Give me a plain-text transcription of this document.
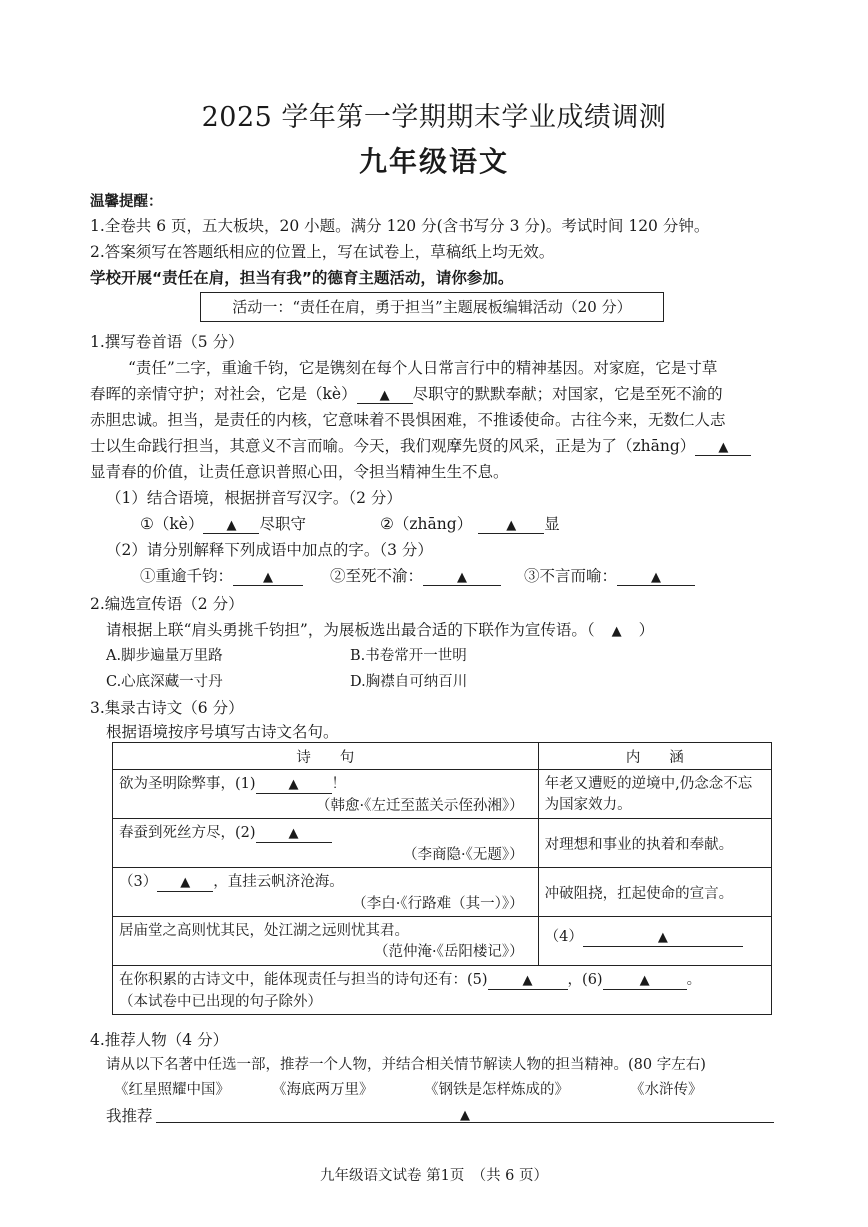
2025 学年第一学期期末学业成绩调测
九年级语文
温馨提醒：
1.全卷共 6 页，五大板块，20 小题。满分 120 分(含书写分 3 分)。考试时间 120 分钟。
2.答案须写在答题纸相应的位置上，写在试卷上，草稿纸上均无效。
学校开展“责任在肩，担当有我”的德育主题活动，请你参加。
活动一：“责任在肩，勇于担当”主题展板编辑活动（20 分）
1.撰写卷首语（5 分）
“责任”二字，重逾千钧，它是镌刻在每个人日常言行中的精神基因。对家庭，它是寸草
春晖的亲情守护；对社会，它是（kè） ▲ 尽职守的默默奉献；对国家，它是至死不渝的
赤胆忠诚。担当，是责任的内核，它意味着不畏惧困难，不推诿使命。古往今来，无数仁人志
士以生命践行担当，其意义不言而喻。今天，我们观摩先贤的风采，正是为了（zhāng） ▲
显青春的价值，让责任意识普照心田，令担当精神生生不息。
（1）结合语境，根据拼音写汉字。（2 分）
①（kè） ▲ 尽职守	②（zhāng）	▲ 显
（2）请分别解释下列成语中加点的字。（3 分）
①重逾千钧： ▲	②至死不渝：	▲	③不言而喻：	▲
2.编选宣传语（2 分）
请根据上联“肩头勇挑千钧担”，为展板选出最合适的下联作为宣传语。（ ▲ ）
A.脚步遍量万里路	B.书卷常开一世明
C.心底深藏一寸丹	D.胸襟自可纳百川
3.集录古诗文（6 分）
根据语境按序号填写古诗文名句。
诗　　句	内　　涵

欲为圣明除弊事，(1) ▲ ！
（韩愈·《左迁至蓝关示侄孙湘》）	年老又遭贬的逆境中,仍念念不忘为国家效力。

春蚕到死丝方尽，(2) ▲
（李商隐·《无题》）	对理想和事业的执着和奉献。

（3） ▲ ，直挂云帆济沧海。
（李白·《行路难（其一）》）	冲破阻挠，扛起使命的宣言。

居庙堂之高则忧其民，处江湖之远则忧其君。
（范仲淹·《岳阳楼记》）	（4） ▲

在你积累的古诗文中，能体现责任与担当的诗句还有：(5) ▲ ，(6) ▲ 。
（本试卷中已出现的句子除外）	
4.推荐人物（4 分）
请从以下名著中任选一部，推荐一个人物，并结合相关情节解读人物的担当精神。(80 字左右)
《红星照耀中国》	《海底两万里》	《钢铁是怎样炼成的》	《水浒传》
我推荐	▲
九年级语文试卷 第1页　（共 6 页）
